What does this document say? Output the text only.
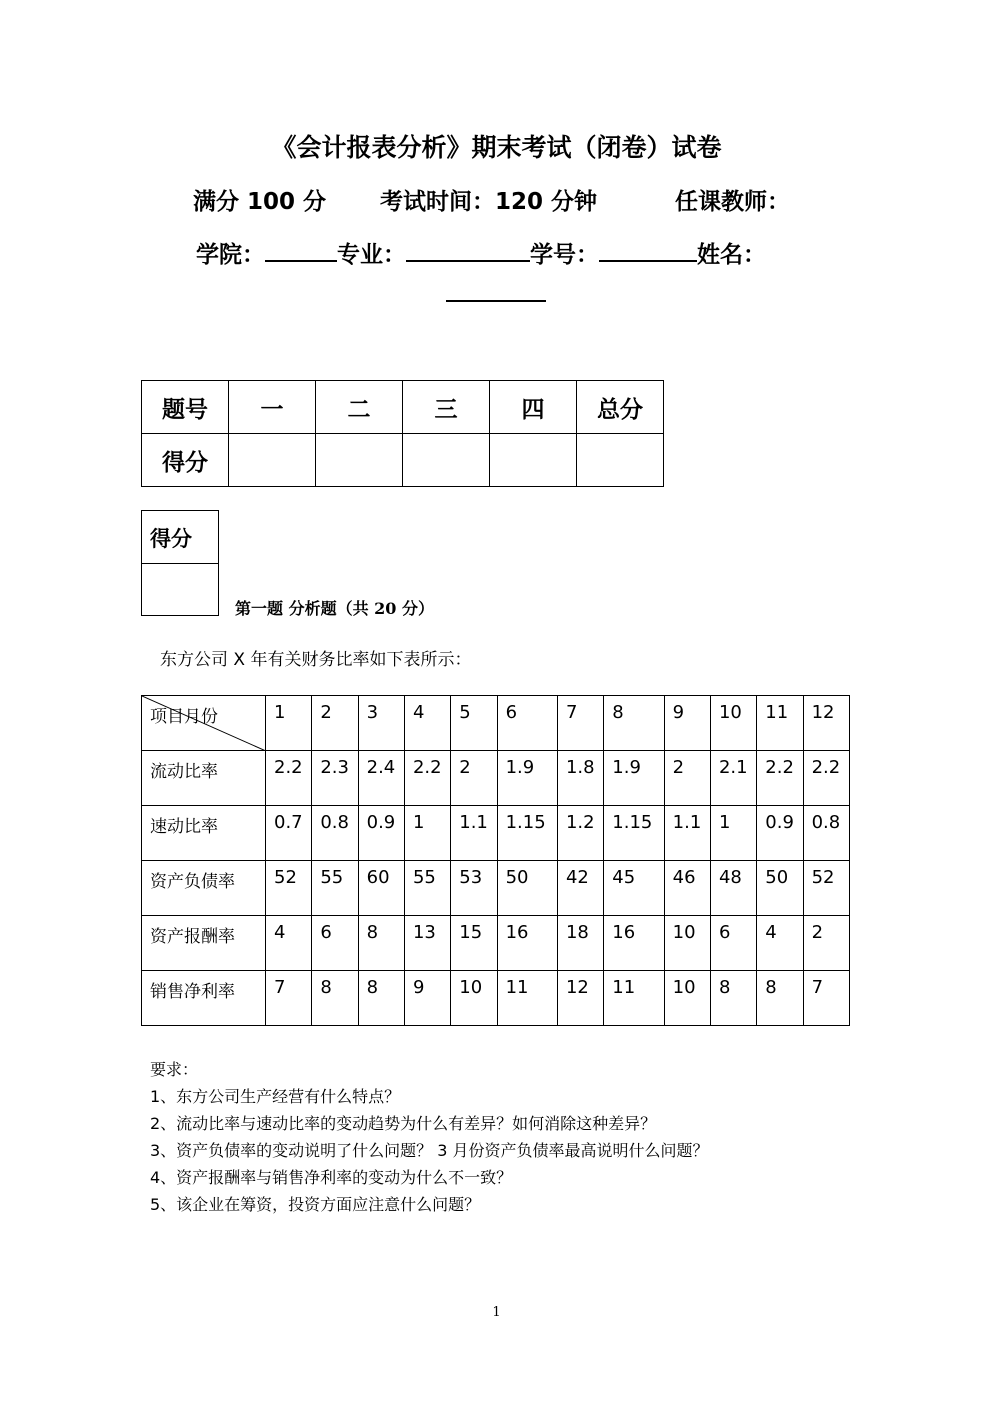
《会计报表分析》期末考试（闭卷）试卷
满分 100 分 考试时间：120 分钟	任课教师：
学院：	专业：	学号：	姓名：
题号	一	二	三	四	总分
得分					
得分
第一题 分析题（共 20 分）
东方公司 X 年有关财务比率如下表所示：
项目月份	1	2	3	4	5	6	7	8	9	10	11	12
流动比率	2.2	2.3	2.4	2.2	2	1.9	1.8	1.9	2	2.1	2.2	2.2
速动比率	0.7	0.8	0.9	1	1.1	1.15	1.2	1.15	1.1	1	0.9	0.8
资产负债率	52	55	60	55	53	50	42	45	46	48	50	52
资产报酬率	4	6	8	13	15	16	18	16	10	6	4	2
销售净利率	7	8	8	9	10	11	12	11	10	8	8	7
要求：
1、东方公司生产经营有什么特点？
2、流动比率与速动比率的变动趋势为什么有差异？如何消除这种差异？
3、资产负债率的变动说明了什么问题？ 3 月份资产负债率最高说明什么问题？
4、资产报酬率与销售净利率的变动为什么不一致？
5、该企业在筹资，投资方面应注意什么问题？
1
